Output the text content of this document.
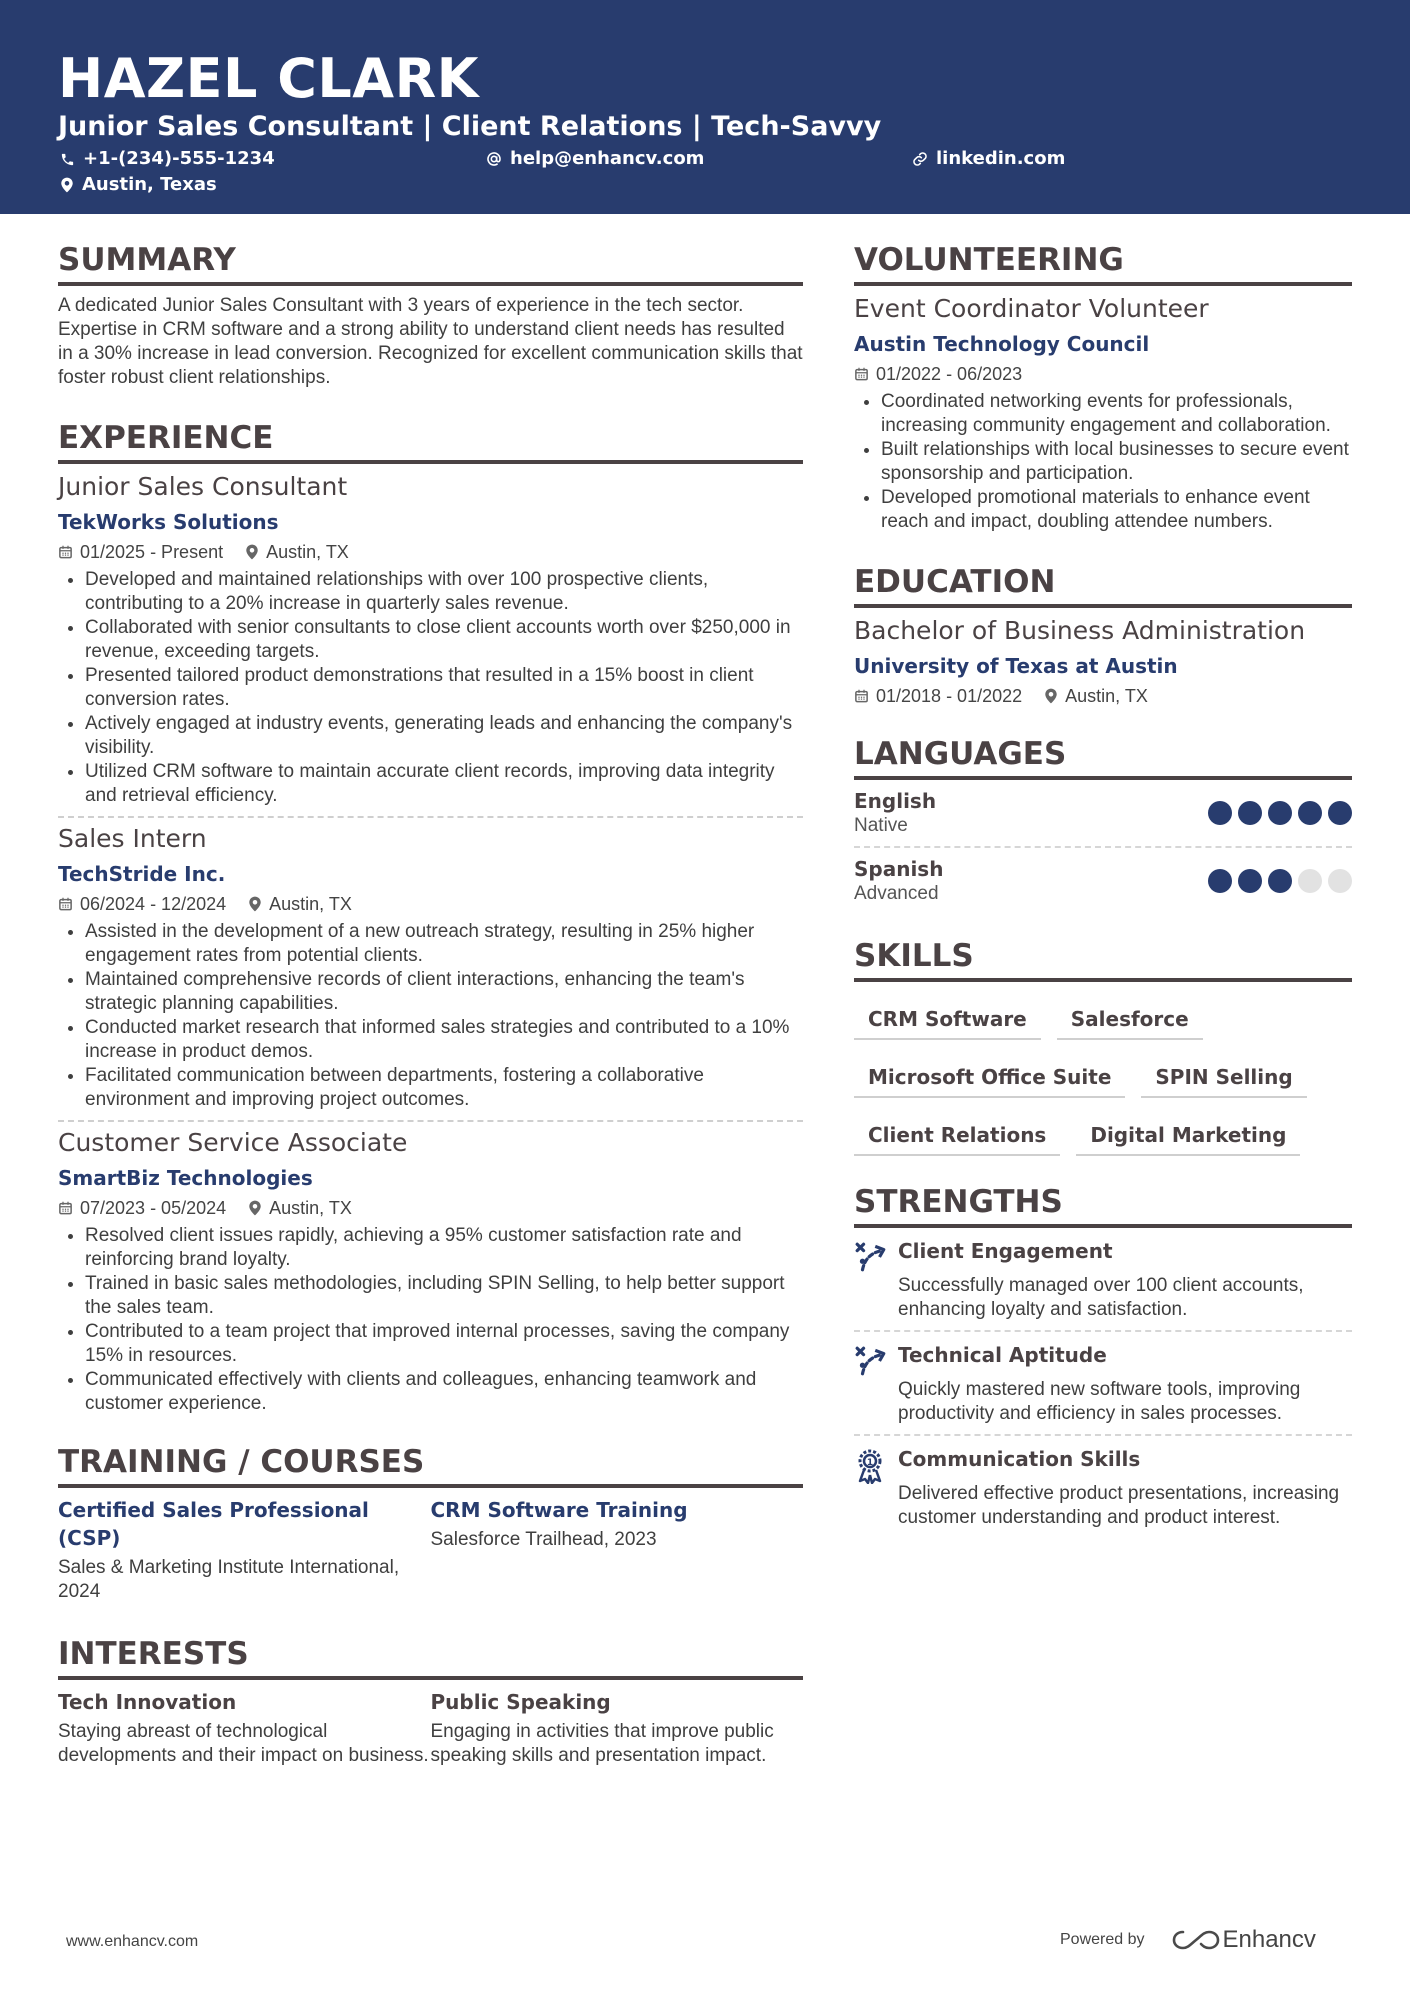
HAZEL CLARK
Junior Sales Consultant | Client Relations | Tech-Savvy
+1-(234)-555-1234	help@enhancv.com	linkedin.com
Austin, Texas
SUMMARY

A dedicated Junior Sales Consultant with 3 years of experience in the tech sector. Expertise in CRM software and a strong ability to understand client needs has resulted in a 30% increase in lead conversion. Recognized for excellent communication skills that foster robust client relationships.

EXPERIENCE
Junior Sales Consultant
TekWorks Solutions
01/2025 - Present Austin, TX
• Developed and maintained relationships with over 100 prospective clients, contributing to a 20% increase in quarterly sales revenue.
• Collaborated with senior consultants to close client accounts worth over $250,000 in revenue, exceeding targets.
• Presented tailored product demonstrations that resulted in a 15% boost in client conversion rates.
• Actively engaged at industry events, generating leads and enhancing the company's visibility.
• Utilized CRM software to maintain accurate client records, improving data integrity and retrieval efficiency.
Sales Intern
TechStride Inc.
06/2024 - 12/2024 Austin, TX
• Assisted in the development of a new outreach strategy, resulting in 25% higher engagement rates from potential clients.
• Maintained comprehensive records of client interactions, enhancing the team's strategic planning capabilities.
• Conducted market research that informed sales strategies and contributed to a 10% increase in product demos.
• Facilitated communication between departments, fostering a collaborative environment and improving project outcomes.
Customer Service Associate
SmartBiz Technologies
07/2023 - 05/2024 Austin, TX
• Resolved client issues rapidly, achieving a 95% customer satisfaction rate and reinforcing brand loyalty.
• Trained in basic sales methodologies, including SPIN Selling, to help better support the sales team.
• Contributed to a team project that improved internal processes, saving the company 15% in resources.
• Communicated effectively with clients and colleagues, enhancing teamwork and customer experience.
TRAINING / COURSES
Certified Sales Professional (CSP)
Sales & Marketing Institute International, 2024
CRM Software Training
Salesforce Trailhead, 2023
INTERESTS
Tech Innovation
Staying abreast of technological developments and their impact on business.
Public Speaking
Engaging in activities that improve public speaking skills and presentation impact.
VOLUNTEERING
Event Coordinator Volunteer
Austin Technology Council
01/2022 - 06/2023
• Coordinated networking events for professionals, increasing community engagement and collaboration.
• Built relationships with local businesses to secure event sponsorship and participation.
• Developed promotional materials to enhance event reach and impact, doubling attendee numbers.
EDUCATION
Bachelor of Business Administration
University of Texas at Austin
01/2018 - 01/2022 Austin, TX
LANGUAGES
English
Native
Spanish
Advanced
SKILLS
CRM Software	Salesforce
Microsoft Office Suite	SPIN Selling
Client Relations	Digital Marketing
STRENGTHS
Client Engagement
Successfully managed over 100 client accounts, enhancing loyalty and satisfaction.
Technical Aptitude
Quickly mastered new software tools, improving productivity and efficiency in sales processes.
1 Communication Skills
Delivered effective product presentations, increasing customer understanding and product interest.
www.enhancv.com	Powered by	Enhancv
